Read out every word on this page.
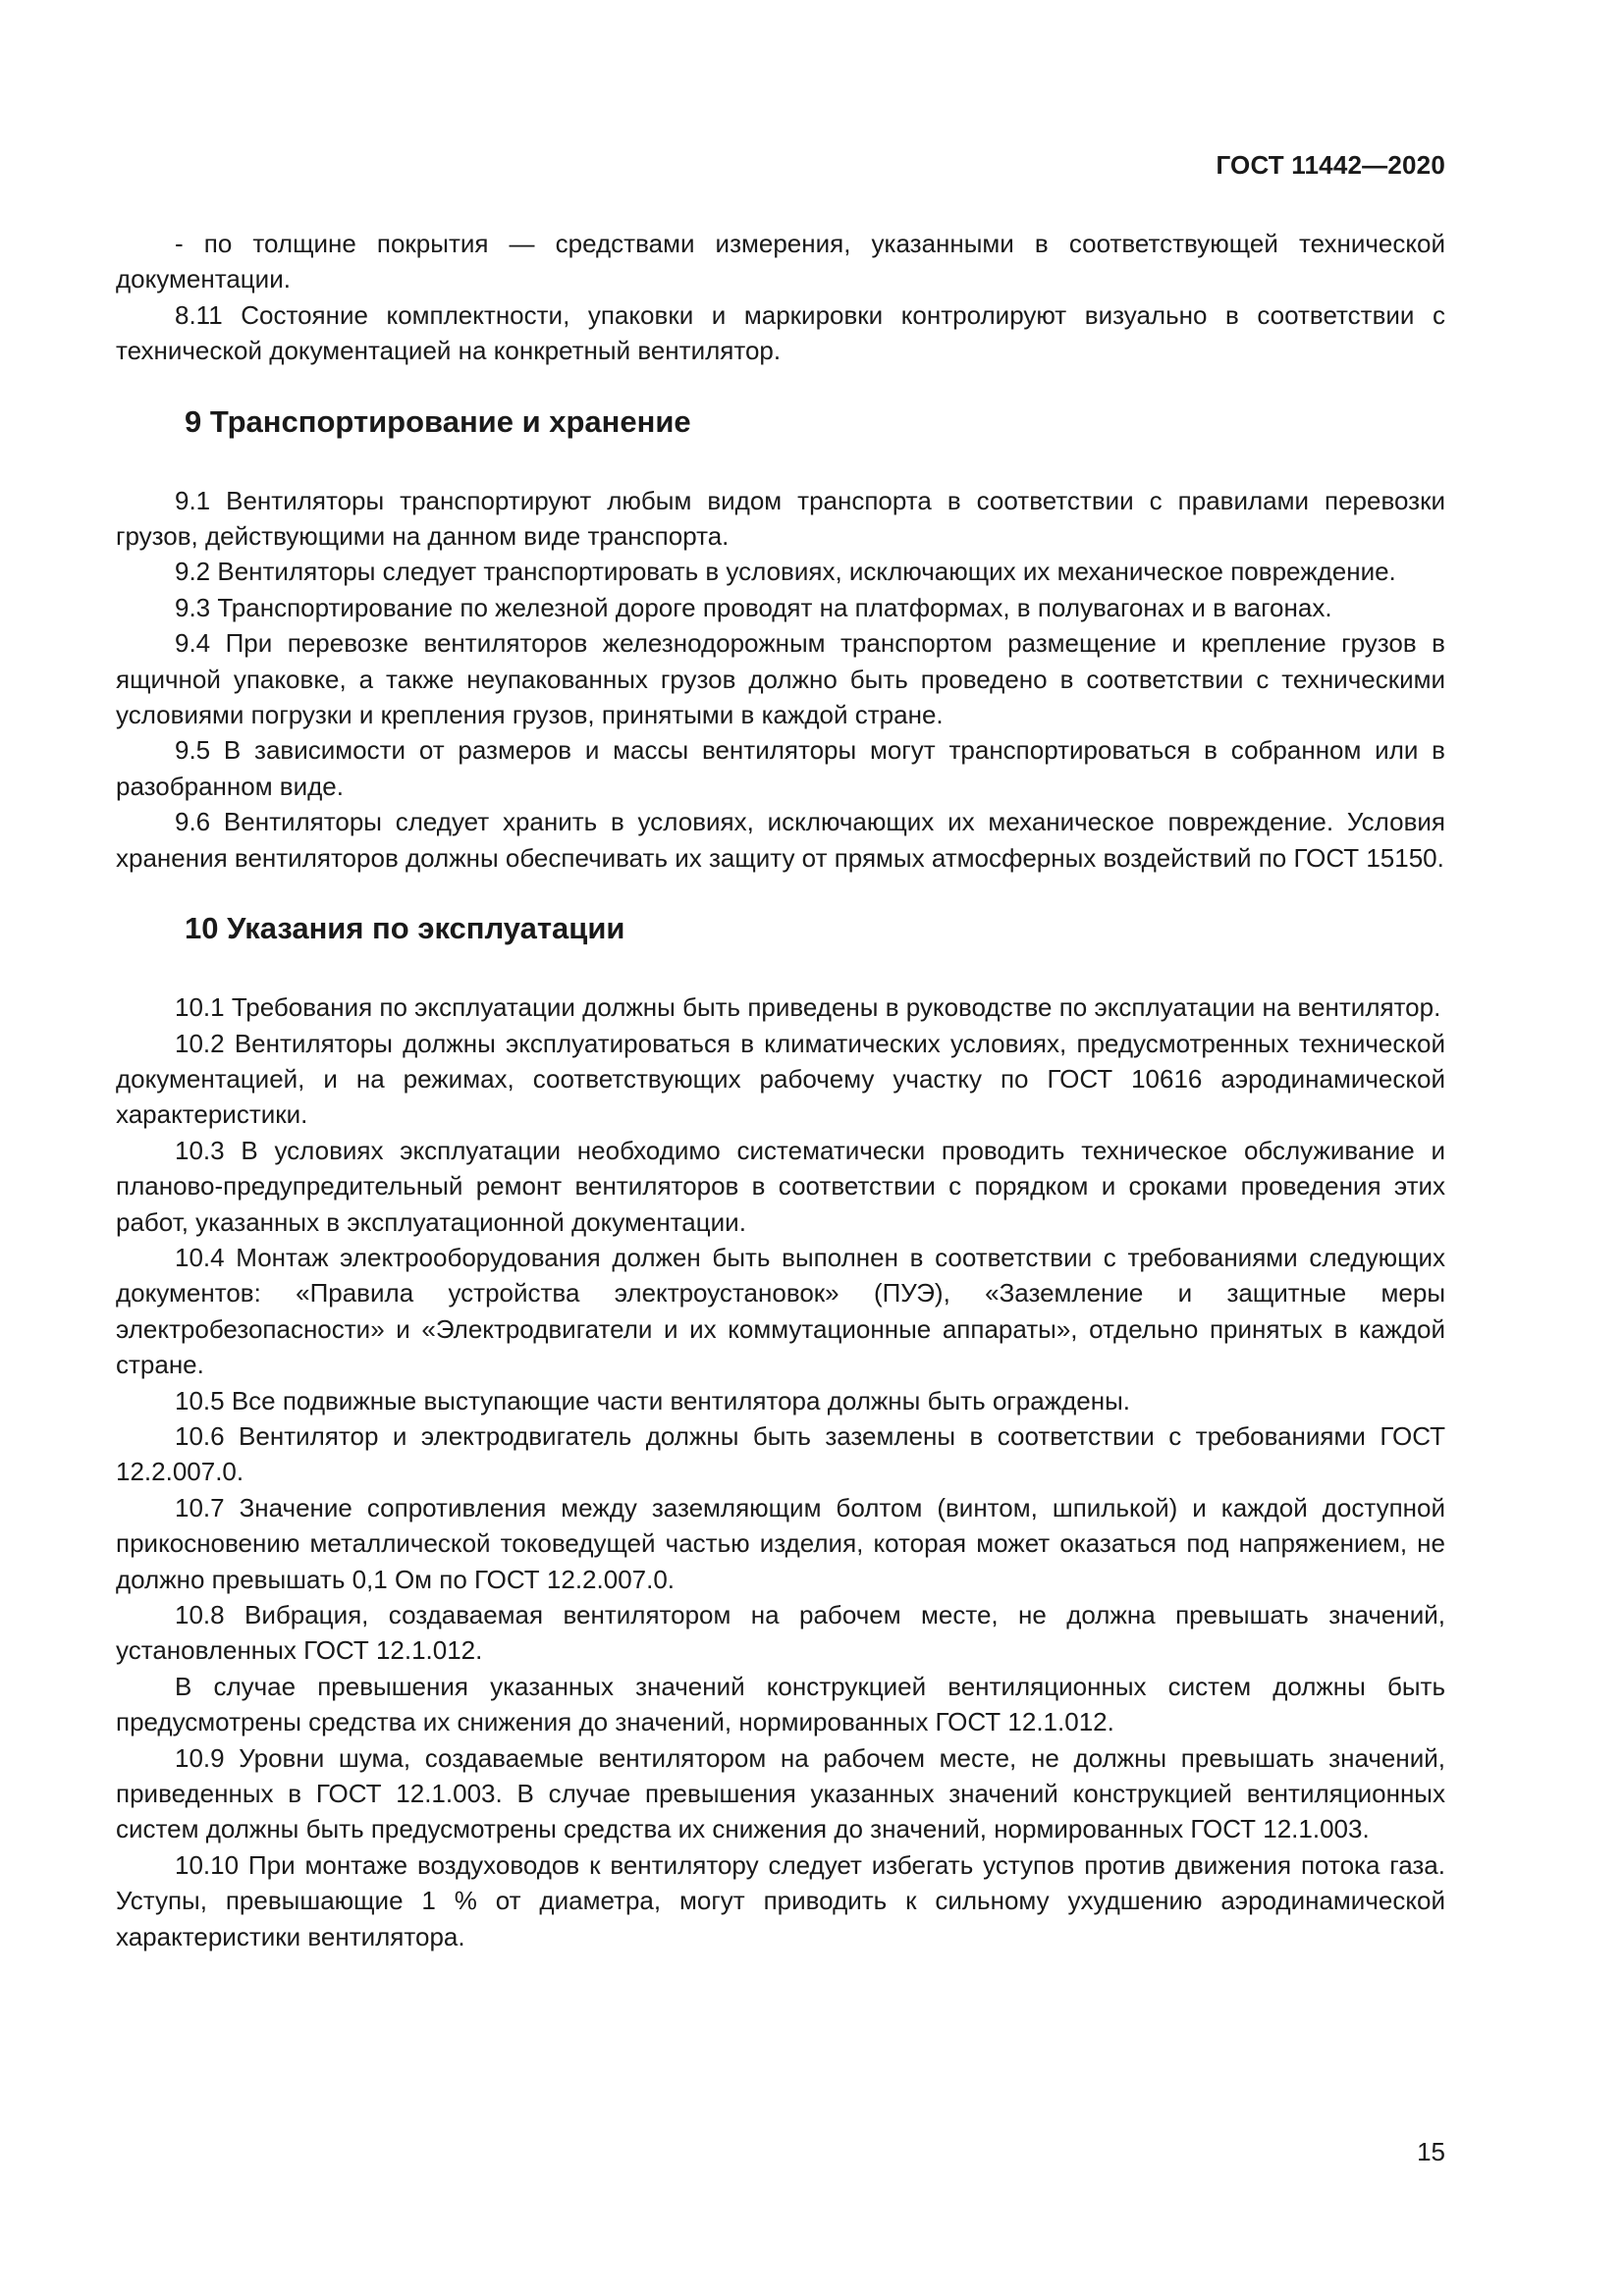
ГОСТ 11442—2020

- по толщине покрытия — средствами измерения, указанными в соответствующей технической документации.

8.11 Состояние комплектности, упаковки и маркировки контролируют визуально в соответствии с технической документацией на конкретный вентилятор.

9 Транспортирование и хранение

9.1 Вентиляторы транспортируют любым видом транспорта в соответствии с правилами перевозки грузов, действующими на данном виде транспорта.

9.2 Вентиляторы следует транспортировать в условиях, исключающих их механическое повреждение.

9.3 Транспортирование по железной дороге проводят на платформах, в полувагонах и в вагонах.

9.4 При перевозке вентиляторов железнодорожным транспортом размещение и крепление грузов в ящичной упаковке, а также неупакованных грузов должно быть проведено в соответствии с техническими условиями погрузки и крепления грузов, принятыми в каждой стране.

9.5 В зависимости от размеров и массы вентиляторы могут транспортироваться в собранном или в разобранном виде.

9.6 Вентиляторы следует хранить в условиях, исключающих их механическое повреждение. Условия хранения вентиляторов должны обеспечивать их защиту от прямых атмосферных воздействий по ГОСТ 15150.

10 Указания по эксплуатации

10.1 Требования по эксплуатации должны быть приведены в руководстве по эксплуатации на вентилятор.

10.2 Вентиляторы должны эксплуатироваться в климатических условиях, предусмотренных технической документацией, и на режимах, соответствующих рабочему участку по ГОСТ 10616 аэродинамической характеристики.

10.3 В условиях эксплуатации необходимо систематически проводить техническое обслуживание и планово-предупредительный ремонт вентиляторов в соответствии с порядком и сроками проведения этих работ, указанных в эксплуатационной документации.

10.4 Монтаж электрооборудования должен быть выполнен в соответствии с требованиями следующих документов: «Правила устройства электроустановок» (ПУЭ), «Заземление и защитные меры электробезопасности» и «Электродвигатели и их коммутационные аппараты», отдельно принятых в каждой стране.

10.5 Все подвижные выступающие части вентилятора должны быть ограждены.

10.6 Вентилятор и электродвигатель должны быть заземлены в соответствии с требованиями ГОСТ 12.2.007.0.

10.7 Значение сопротивления между заземляющим болтом (винтом, шпилькой) и каждой доступной прикосновению металлической токоведущей частью изделия, которая может оказаться под напряжением, не должно превышать 0,1 Ом по ГОСТ 12.2.007.0.

10.8 Вибрация, создаваемая вентилятором на рабочем месте, не должна превышать значений, установленных ГОСТ 12.1.012.

В случае превышения указанных значений конструкцией вентиляционных систем должны быть предусмотрены средства их снижения до значений, нормированных ГОСТ 12.1.012.

10.9 Уровни шума, создаваемые вентилятором на рабочем месте, не должны превышать значений, приведенных в ГОСТ 12.1.003. В случае превышения указанных значений конструкцией вентиляционных систем должны быть предусмотрены средства их снижения до значений, нормированных ГОСТ 12.1.003.

10.10 При монтаже воздуховодов к вентилятору следует избегать уступов против движения потока газа. Уступы, превышающие 1 % от диаметра, могут приводить к сильному ухудшению аэродинамической характеристики вентилятора.

15
